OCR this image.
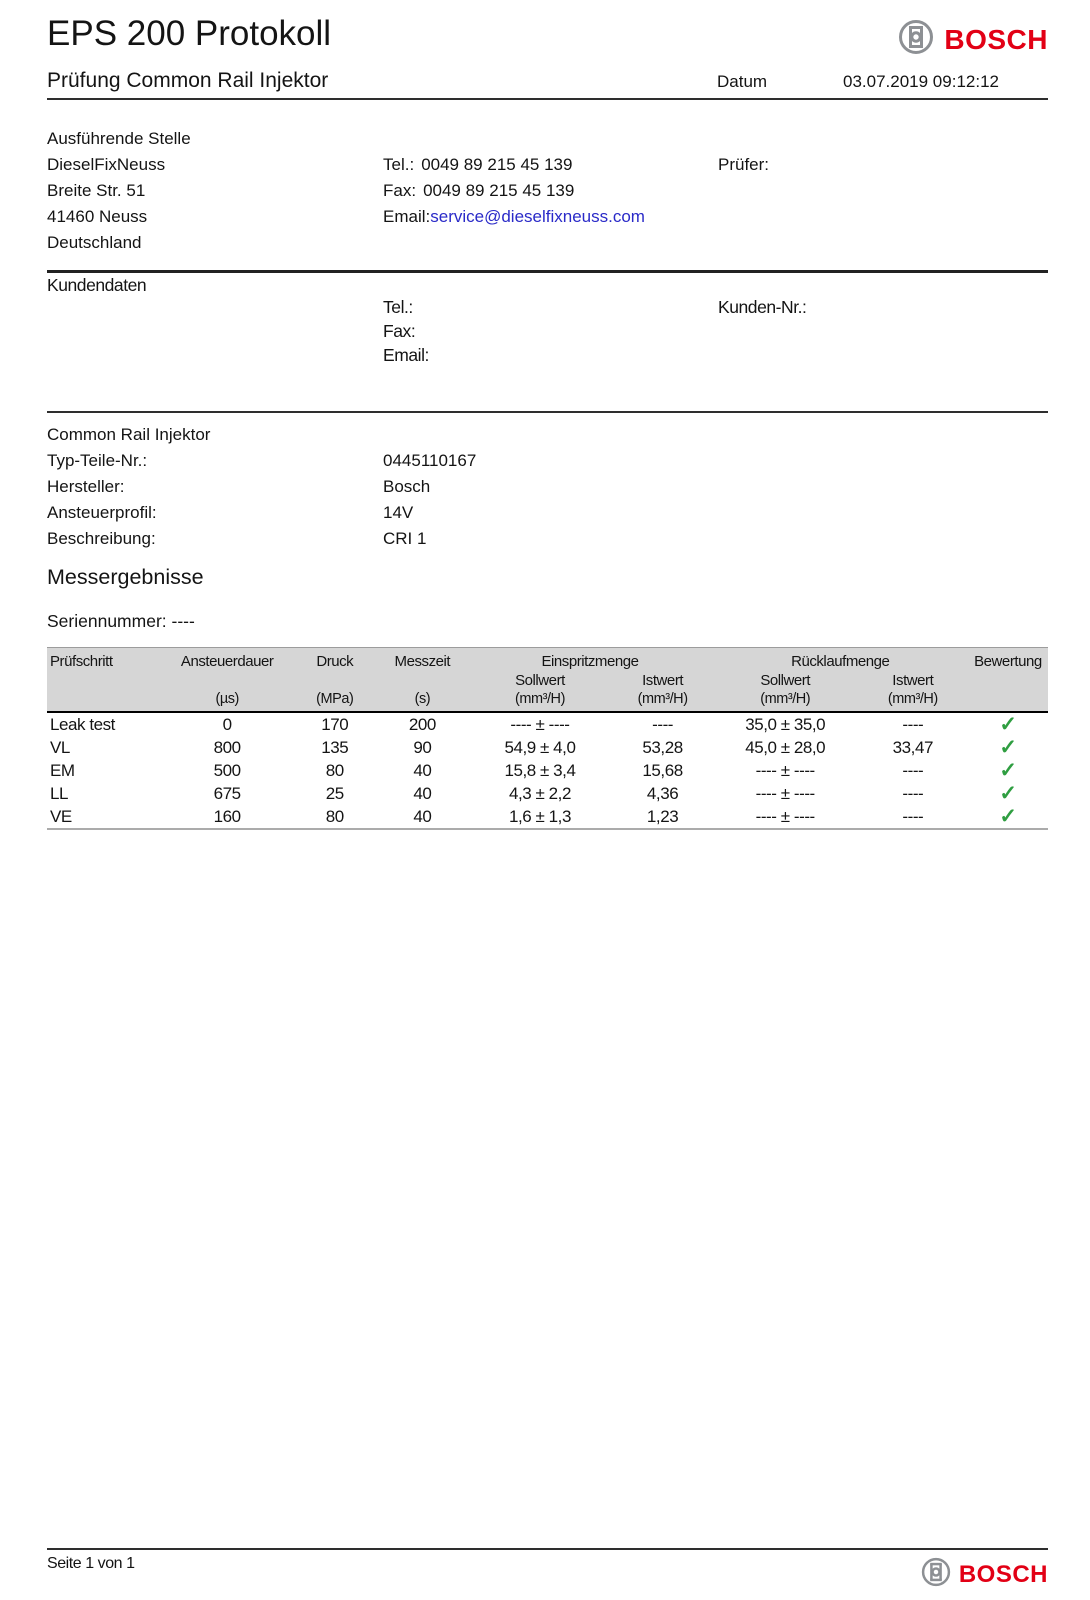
EPS 200 Protokoll	BOSCH
Prüfung Common Rail Injektor	Datum	03.07.2019 09:12:12
Ausführende Stelle
DieselFixNeuss
Breite Str. 51
41460 Neuss
Deutschland
Tel.: 0049 89 215 45 139
Fax: 0049 89 215 45 139
Email:service@dieselfixneuss.com
Prüfer:
Kundendaten
Tel.:
Fax:
Email:
Kunden-Nr.:
Common Rail Injektor
Typ-Teile-Nr.:	0445110167
Hersteller:	Bosch
Ansteuerprofil:	14V
Beschreibung:	CRI 1
Messergebnisse
Seriennummer: ----
Prüfschritt	Ansteuerdauer	Druck	Messzeit	Einspritzmenge		Rücklaufmenge		Bewertung
				Sollwert	Istwert	Sollwert	Istwert	
	(µs)	(MPa)	(s)	(mm³/H)	(mm³/H)	(mm³/H)	(mm³/H)	
Leak test	0	170	200	---- ± ----	----	35,0 ± 35,0	----	✓
VL	800	135	90	54,9 ± 4,0	53,28	45,0 ± 28,0	33,47	✓
EM	500	80	40	15,8 ± 3,4	15,68	---- ± ----	----	✓
LL	675	25	40	4,3 ± 2,2	4,36	---- ± ----	----	✓
VE	160	80	40	1,6 ± 1,3	1,23	---- ± ----	----	✓
Seite 1 von 1	BOSCH
